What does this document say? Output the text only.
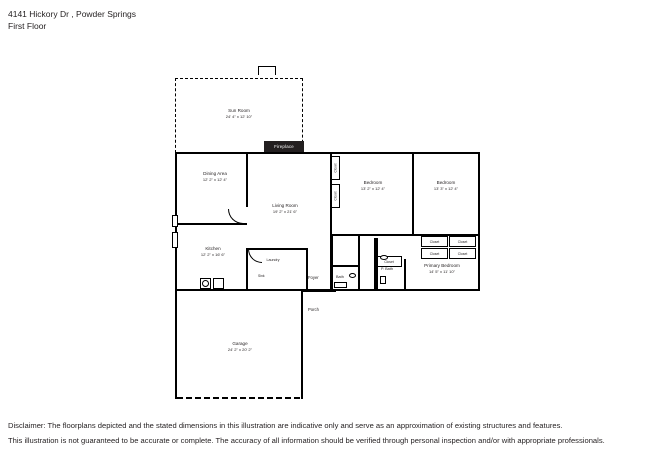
4141 Hickory Dr , Powder Springs
First Floor
Sun Room
24' 4" x 12' 10"
Fireplace
Dining Area
12' 2" x 12' 4"
Living Room
19' 2" x 21' 6"
Kitchen
12' 2" x 16' 6"
Laundry
Sink	Foyer
Bedroom
13' 2" x 12' 4"
Bedroom
13' 3" x 12' 4"
Closet
Closet
Closet	Closet
Closet	Closet
Closet
Primary Bedroom
14' 5" x 11' 10"
Bath
P. Bath
Porch
Garage
24' 2" x 20' 2"
Disclaimer: The floorplans depicted and the stated dimensions in this illustration are indicative only and serve as an approximation of existing structures and features.
This illustration is not guaranteed to be accurate or complete. The accuracy of all information should be verified through personal inspection and/or with appropriate professionals.
